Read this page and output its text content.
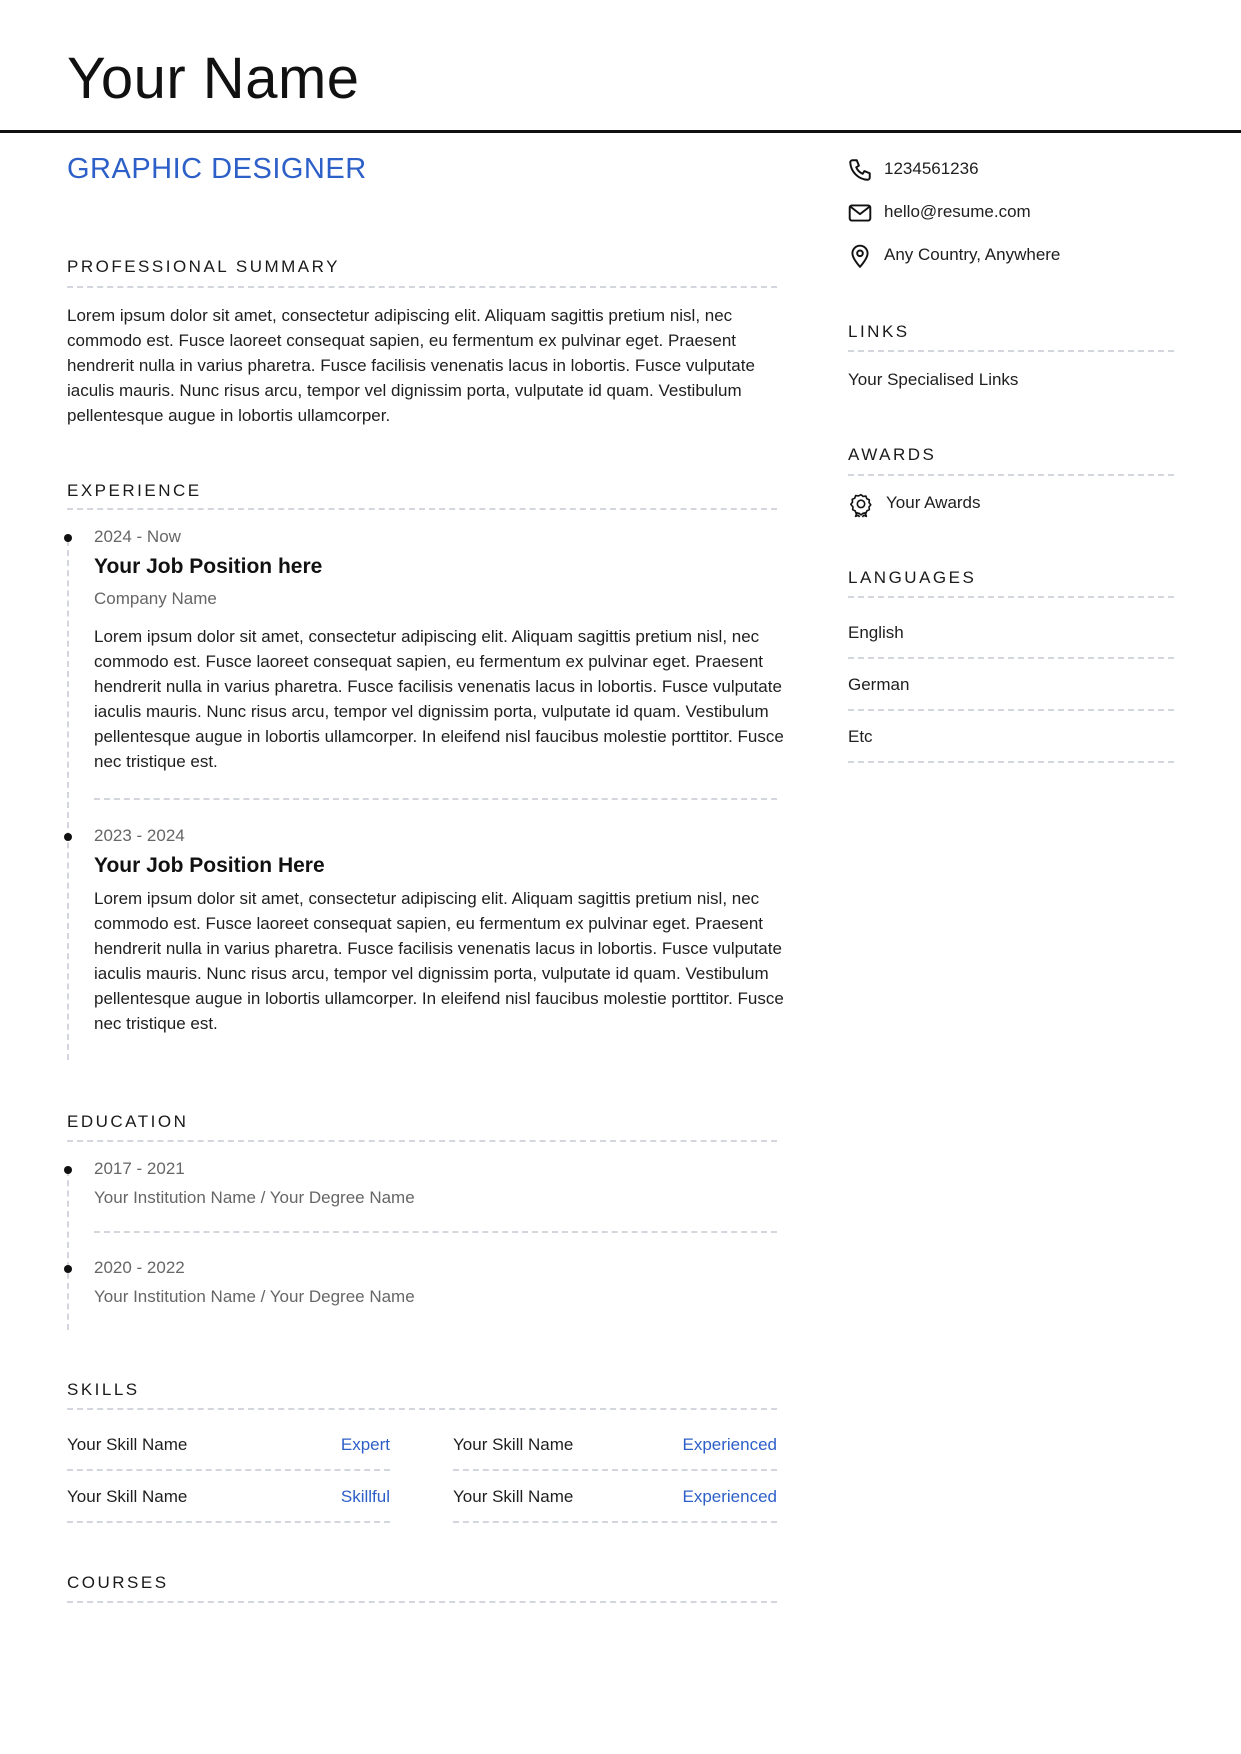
Your Name
GRAPHIC DESIGNER
PROFESSIONAL SUMMARY

Lorem ipsum dolor sit amet, consectetur adipiscing elit. Aliquam sagittis pretium nisl, nec commodo est. Fusce laoreet consequat sapien, eu fermentum ex pulvinar eget. Praesent hendrerit nulla in varius pharetra. Fusce facilisis venenatis lacus in lobortis. Fusce vulputate iaculis mauris. Nunc risus arcu, tempor vel dignissim porta, vulputate id quam. Vestibulum pellentesque augue in lobortis ullamcorper.

EXPERIENCE
2024 - Now
Your Job Position here
Company Name

Lorem ipsum dolor sit amet, consectetur adipiscing elit. Aliquam sagittis pretium nisl, nec commodo est. Fusce laoreet consequat sapien, eu fermentum ex pulvinar eget. Praesent hendrerit nulla in varius pharetra. Fusce facilisis venenatis lacus in lobortis. Fusce vulputate iaculis mauris. Nunc risus arcu, tempor vel dignissim porta, vulputate id quam. Vestibulum pellentesque augue in lobortis ullamcorper. In eleifend nisl faucibus molestie porttitor. Fusce nec tristique est.

2023 - 2024
Your Job Position Here

Lorem ipsum dolor sit amet, consectetur adipiscing elit. Aliquam sagittis pretium nisl, nec commodo est. Fusce laoreet consequat sapien, eu fermentum ex pulvinar eget. Praesent hendrerit nulla in varius pharetra. Fusce facilisis venenatis lacus in lobortis. Fusce vulputate iaculis mauris. Nunc risus arcu, tempor vel dignissim porta, vulputate id quam. Vestibulum pellentesque augue in lobortis ullamcorper. In eleifend nisl faucibus molestie porttitor. Fusce nec tristique est.

EDUCATION
2017 - 2021
Your Institution Name / Your Degree Name
2020 - 2022
Your Institution Name / Your Degree Name
SKILLS
Your Skill Name	Expert	Your Skill Name	Experienced
Your Skill Name	Skillful	Your Skill Name	Experienced
COURSES
1234561236
hello@resume.com
Any Country, Anywhere
LINKS
Your Specialised Links
AWARDS
Your Awards
LANGUAGES
English
German
Etc
